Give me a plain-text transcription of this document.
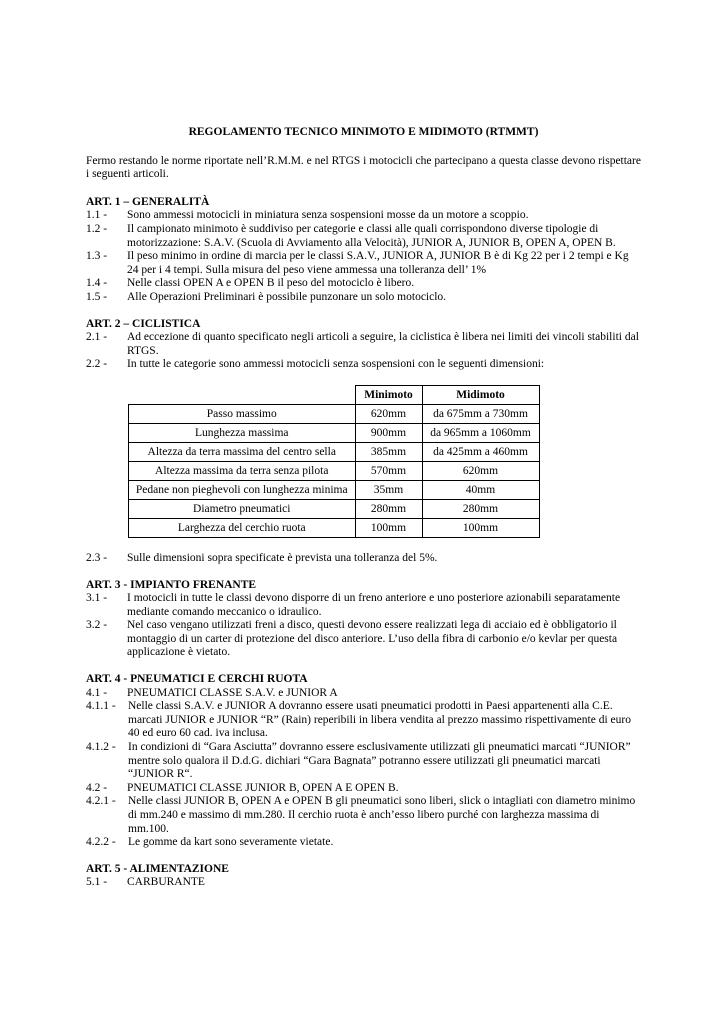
REGOLAMENTO TECNICO MINIMOTO E MIDIMOTO (RTMMT)

Fermo restando le norme riportate nell’R.M.M. e nel RTGS i motocicli che partecipano a questa classe devono rispettare i seguenti articoli.

ART. 1 – GENERALITÀ

1.1 -	Sono ammessi motocicli in miniatura senza sospensioni mosse da un motore a scoppio.
1.2 -	Il campionato minimoto è suddiviso per categorie e classi alle quali corrispondono diverse tipologie di motorizzazione: S.A.V. (Scuola di Avviamento alla Velocità), JUNIOR A, JUNIOR B, OPEN A, OPEN B.
1.3 -	Il peso minimo in ordine di marcia per le classi S.A.V., JUNIOR A, JUNIOR B è di Kg 22 per i 2 tempi e Kg 24 per i 4 tempi. Sulla misura del peso viene ammessa una tolleranza dell’ 1%
1.4 -	Nelle classi OPEN A e OPEN B il peso del motociclo è libero.
1.5 -	Alle Operazioni Preliminari è possibile punzonare un solo motociclo.

ART. 2 – CICLISTICA

2.1 -	Ad eccezione di quanto specificato negli articoli a seguire, la ciclistica è libera nei limiti dei vincoli stabiliti dal RTGS.
2.2 -	In tutte le categorie sono ammessi motocicli senza sospensioni con le seguenti dimensioni:
	Minimoto	Midimoto
Passo massimo	620mm	da 675mm a 730mm
Lunghezza massima	900mm	da 965mm a 1060mm
Altezza da terra massima del centro sella	385mm	da 425mm a 460mm
Altezza massima da terra senza pilota	570mm	620mm
Pedane non pieghevoli con lunghezza minima	35mm	40mm
Diametro pneumatici	280mm	280mm
Larghezza del cerchio ruota	100mm	100mm
2.3 -	Sulle dimensioni sopra specificate è prevista una tolleranza del 5%.

ART. 3 - IMPIANTO FRENANTE

3.1 -	I motocicli in tutte le classi devono disporre di un freno anteriore e uno posteriore azionabili separatamente mediante comando meccanico o idraulico.
3.2 -	Nel caso vengano utilizzati freni a disco, questi devono essere realizzati lega di acciaio ed è obbligatorio il montaggio di un carter di protezione del disco anteriore. L’uso della fibra di carbonio e/o kevlar per questa applicazione è vietato.

ART. 4 - PNEUMATICI E CERCHI RUOTA

4.1 -	PNEUMATICI CLASSE S.A.V. e JUNIOR A
4.1.1 -	Nelle classi S.A.V. e JUNIOR A dovranno essere usati pneumatici prodotti in Paesi appartenenti alla C.E. marcati JUNIOR e JUNIOR “R” (Rain) reperibili in libera vendita al prezzo massimo rispettivamente di euro 40 ed euro 60 cad. iva inclusa.
4.1.2 -	In condizioni di “Gara Asciutta” dovranno essere esclusivamente utilizzati gli pneumatici marcati “JUNIOR” mentre solo qualora il D.d.G. dichiari “Gara Bagnata” potranno essere utilizzati gli pneumatici marcati “JUNIOR R“.
4.2 -	PNEUMATICI CLASSE JUNIOR B, OPEN A E OPEN B.
4.2.1 -	Nelle classi JUNIOR B, OPEN A e OPEN B gli pneumatici sono liberi, slick o intagliati con diametro minimo di mm.240 e massimo di mm.280. Il cerchio ruota è anch’esso libero purché con larghezza massima di mm.100.
4.2.2 -	Le gomme da kart sono severamente vietate.

ART. 5 - ALIMENTAZIONE

5.1 -	CARBURANTE
